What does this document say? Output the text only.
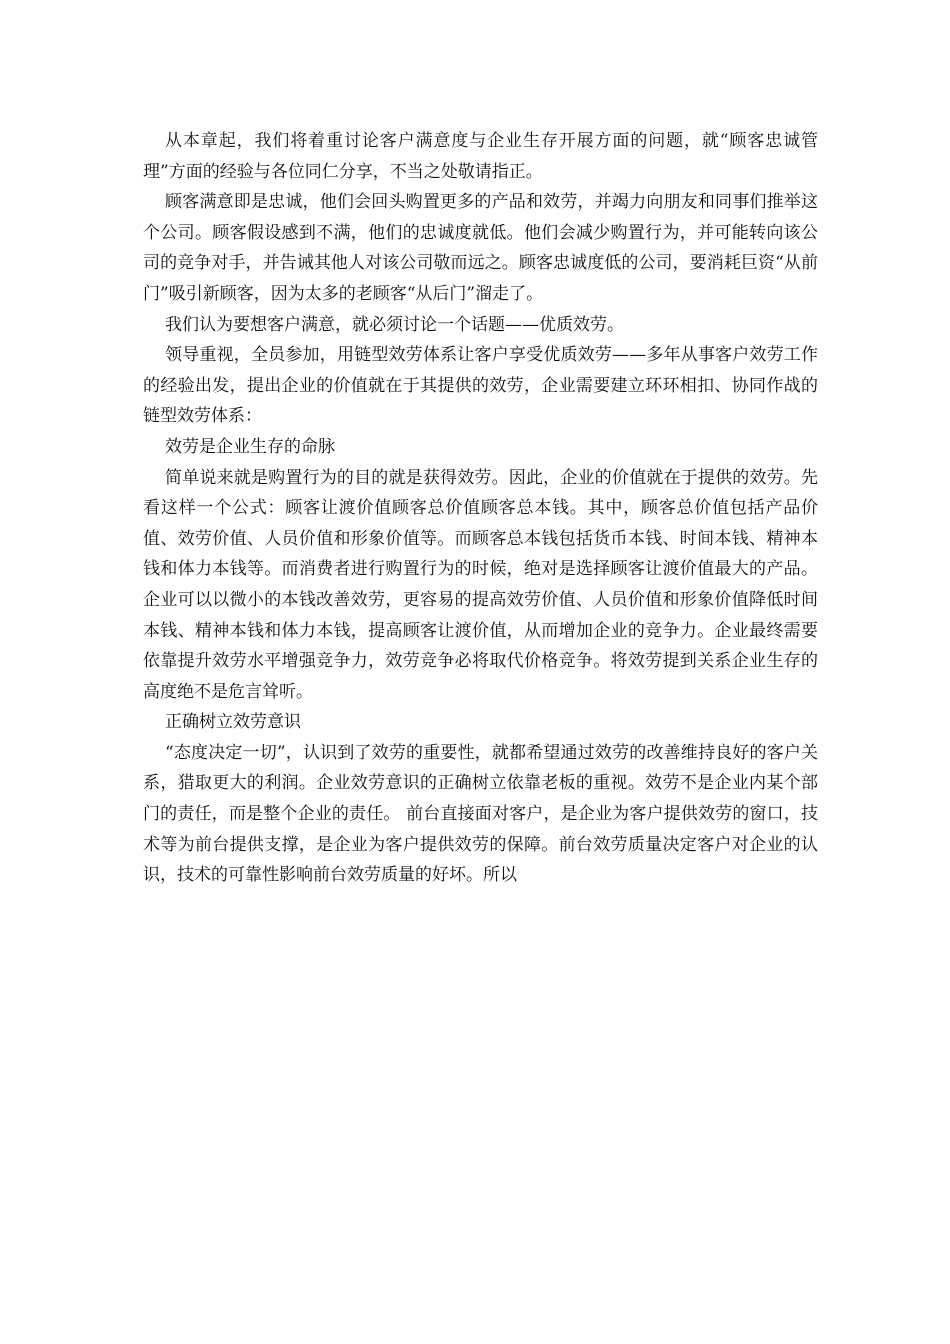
从本章起，我们将着重讨论客户满意度与企业生存开展方面的问题，就“顾客忠诚管理”方面的经验与各位同仁分享，不当之处敬请指正。

顾客满意即是忠诚，他们会回头购置更多的产品和效劳，并竭力向朋友和同事们推举这个公司。顾客假设感到不满，他们的忠诚度就低。他们会减少购置行为，并可能转向该公司的竞争对手，并告诫其他人对该公司敬而远之。顾客忠诚度低的公司，要消耗巨资“从前门”吸引新顾客，因为太多的老顾客“从后门”溜走了。

我们认为要想客户满意，就必须讨论一个话题——优质效劳。

领导重视，全员参加，用链型效劳体系让客户享受优质效劳——多年从事客户效劳工作的经验出发，提出企业的价值就在于其提供的效劳，企业需要建立环环相扣、协同作战的链型效劳体系：

效劳是企业生存的命脉

简单说来就是购置行为的目的就是获得效劳。因此，企业的价值就在于提供的效劳。先看这样一个公式：顾客让渡价值顾客总价值顾客总本钱。其中，顾客总价值包括产品价值、效劳价值、人员价值和形象价值等。而顾客总本钱包括货币本钱、时间本钱、精神本钱和体力本钱等。而消费者进行购置行为的时候，绝对是选择顾客让渡价值最大的产品。企业可以以微小的本钱改善效劳，更容易的提高效劳价值、人员价值和形象价值降低时间本钱、精神本钱和体力本钱，提高顾客让渡价值，从而增加企业的竞争力。企业最终需要依靠提升效劳水平增强竞争力，效劳竞争必将取代价格竞争。将效劳提到关系企业生存的高度绝不是危言耸听。

正确树立效劳意识

“态度决定一切”，认识到了效劳的重要性，就都希望通过效劳的改善维持良好的客户关系，猎取更大的利润。企业效劳意识的正确树立依靠老板的重视。效劳不是企业内某个部门的责任，而是整个企业的责任。 前台直接面对客户，是企业为客户提供效劳的窗口，技术等为前台提供支撑，是企业为客户提供效劳的保障。前台效劳质量决定客户对企业的认识，技术的可靠性影响前台效劳质量的好坏。所以
